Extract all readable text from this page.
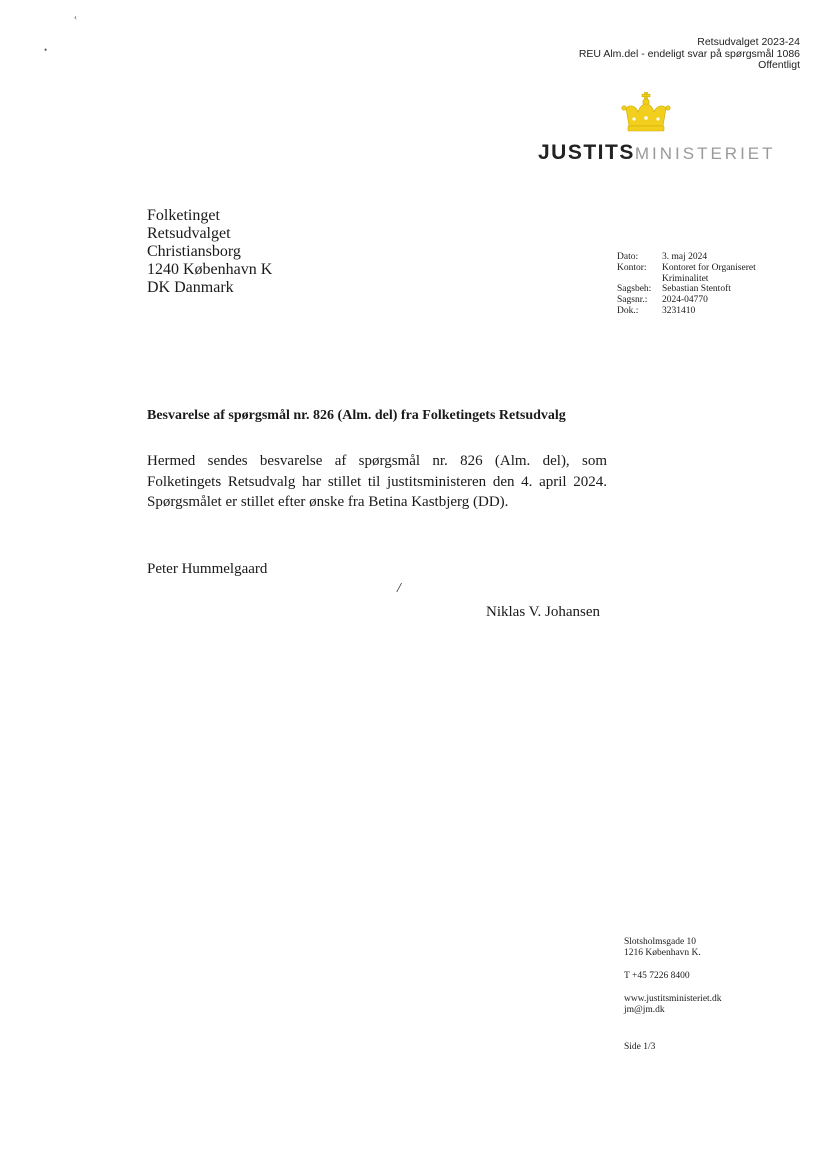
‹
•
Retsudvalget 2023-24
REU Alm.del - endeligt svar på spørgsmål 1086
Offentligt
JUSTITSMINISTERIET
Folketinget
Retsudvalget
Christiansborg
1240 København K
DK Danmark
Dato:	3. maj 2024
Kontor:	Kontoret for Organiseret Kriminalitet
Sagsbeh:	Sebastian Stentoft
Sagsnr.:	2024-04770
Dok.:	3231410
Besvarelse af spørgsmål nr. 826 (Alm. del) fra Folketingets Retsudvalg
Hermed sendes besvarelse af spørgsmål nr. 826 (Alm. del), som Folketingets Retsudvalg har stillet til justitsministeren den 4. april 2024. Spørgsmålet er stillet efter ønske fra Betina Kastbjerg (DD).
Peter Hummelgaard
/
Niklas V. Johansen

Slotsholmsgade 10

1216 København K.

T +45 7226 8400

www.justitsministeriet.dk

jm@jm.dk

Side 1/3
